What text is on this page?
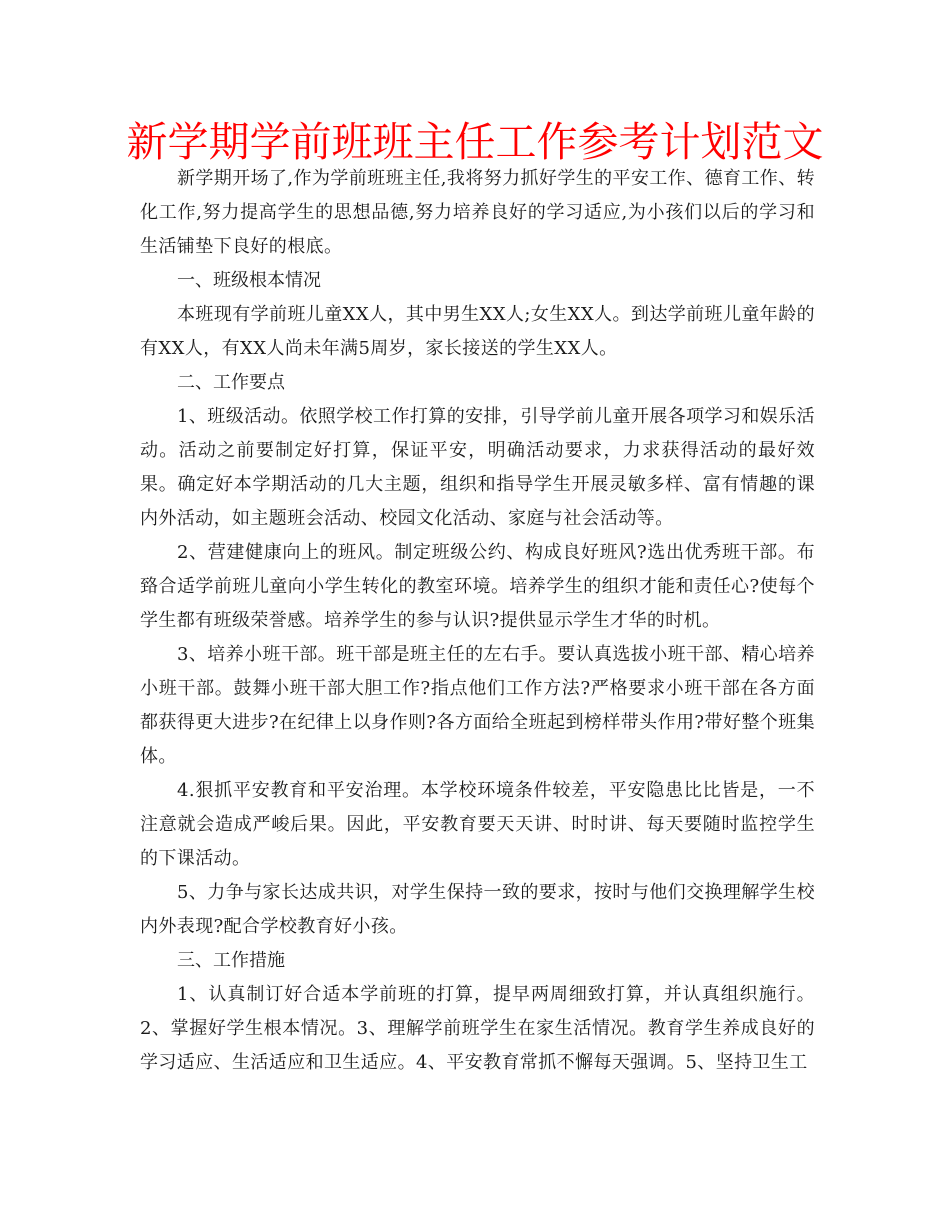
新学期学前班班主任工作参考计划范文

新学期开场了,作为学前班班主任,我将努力抓好学生的平安工作、德育工作、转化工作,努力提高学生的思想品德,努力培养良好的学习适应,为小孩们以后的学习和生活铺垫下良好的根底。

一、班级根本情况

本班现有学前班儿童XX人，其中男生XX人;女生XX人。到达学前班儿童年龄的有XX人，有XX人尚未年满5周岁，家长接送的学生XX人。

二、工作要点

1、班级活动。依照学校工作打算的安排，引导学前儿童开展各项学习和娱乐活动。活动之前要制定好打算，保证平安，明确活动要求，力求获得活动的最好效果。确定好本学期活动的几大主题，组织和指导学生开展灵敏多样、富有情趣的课内外活动，如主题班会活动、校园文化活动、家庭与社会活动等。

2、营建健康向上的班风。制定班级公约、构成良好班风?选出优秀班干部。布臵合适学前班儿童向小学生转化的教室环境。培养学生的组织才能和责任心?使每个学生都有班级荣誉感。培养学生的参与认识?提供显示学生才华的时机。

3、培养小班干部。班干部是班主任的左右手。要认真选拔小班干部、精心培养小班干部。鼓舞小班干部大胆工作?指点他们工作方法?严格要求小班干部在各方面都获得更大进步?在纪律上以身作则?各方面给全班起到榜样带头作用?带好整个班集体。

4.狠抓平安教育和平安治理。本学校环境条件较差，平安隐患比比皆是，一不注意就会造成严峻后果。因此，平安教育要天天讲、时时讲、每天要随时监控学生的下课活动。

5、力争与家长达成共识，对学生保持一致的要求，按时与他们交换理解学生校内外表现?配合学校教育好小孩。

三、工作措施

1、认真制订好合适本学前班的打算，提早两周细致打算，并认真组织施行。2、掌握好学生根本情况。3、理解学前班学生在家生活情况。教育学生养成良好的学习适应、生活适应和卫生适应。4、平安教育常抓不懈每天强调。5、坚持卫生工
